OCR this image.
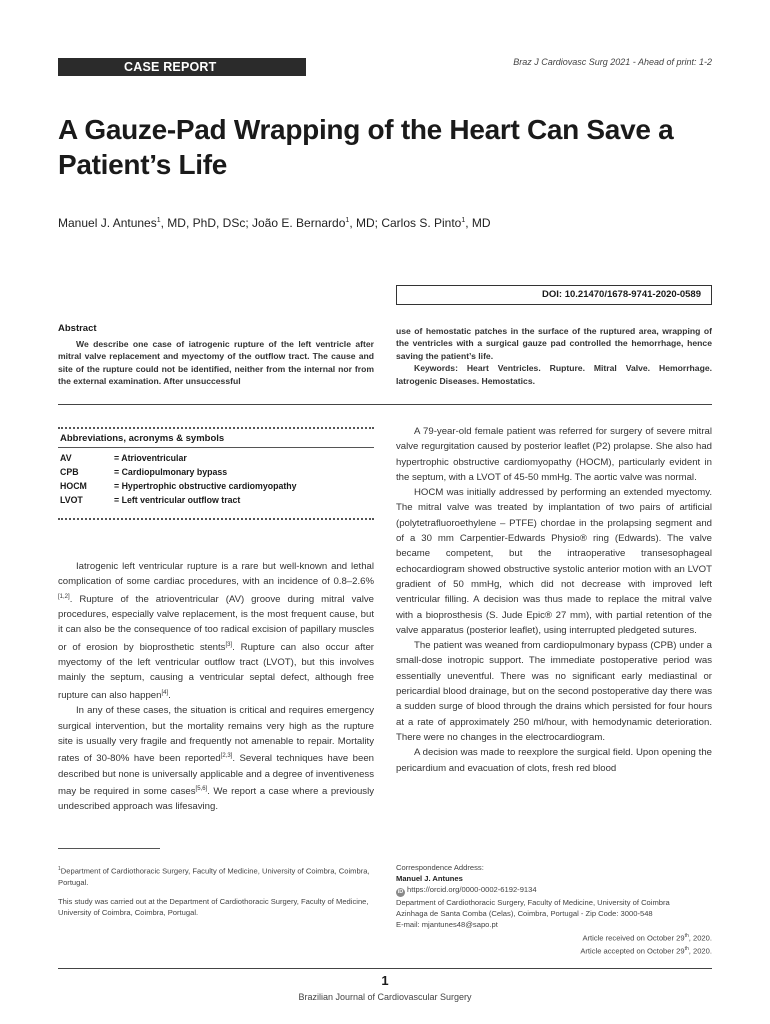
CASE REPORT	Braz J Cardiovasc Surg 2021 - Ahead of print: 1-2
A Gauze-Pad Wrapping of the Heart Can Save a Patient’s Life
Manuel J. Antunes$^1$, MD, PhD, DSc; João E. Bernardo$^1$, MD; Carlos S. Pinto$^1$, MD
DOI: 10.21470/1678-9741-2020-0589
Abstract
We describe one case of iatrogenic rupture of the left ventricle after mitral valve replacement and myectomy of the outflow tract. The cause and site of the rupture could not be identified, neither from the internal nor from the external examination. After unsuccessful
use of hemostatic patches in the surface of the ruptured area, wrapping of the ventricles with a surgical gauze pad controlled the hemorrhage, hence saving the patient’s life.
Keywords: Heart Ventricles. Rupture. Mitral Valve. Hemorrhage. Iatrogenic Diseases. Hemostatics.
Abbreviations, acronyms & symbols
AV	= Atrioventricular
CPB	= Cardiopulmonary bypass
HOCM	= Hypertrophic obstructive cardiomyopathy
LVOT	= Left ventricular outflow tract

Iatrogenic left ventricular rupture is a rare but well-known and lethal complication of some cardiac procedures, with an incidence of 0.8–2.6%[1,2]. Rupture of the atrioventricular (AV) groove during mitral valve procedures, especially valve replacement, is the most frequent cause, but it can also be the consequence of too radical excision of papillary muscles or of erosion by bioprosthetic stents[3]. Rupture can also occur after myectomy of the left ventricular outflow tract (LVOT), but this involves mainly the septum, causing a ventricular septal defect, although free rupture can also happen[4].

In any of these cases, the situation is critical and requires emergency surgical intervention, but the mortality remains very high as the rupture site is usually very fragile and frequently not amenable to repair. Mortality rates of 30-80% have been reported[2,3]. Several techniques have been described but none is universally applicable and a degree of inventiveness may be required in some cases[5,6]. We report a case where a previously undescribed approach was lifesaving.

A 79-year-old female patient was referred for surgery of severe mitral valve regurgitation caused by posterior leaflet (P2) prolapse. She also had hypertrophic obstructive cardiomyopathy (HOCM), particularly evident in the septum, with a LVOT of 45-50 mmHg. The aortic valve was normal.

HOCM was initially addressed by performing an extended myectomy. The mitral valve was treated by implantation of two pairs of artificial (polytetrafluoroethylene – PTFE) chordae in the prolapsing segment and of a 30 mm Carpentier-Edwards Physio® ring (Edwards). The valve became competent, but the intraoperative transesophageal echocardiogram showed obstructive systolic anterior motion with an LVOT gradient of 50 mmHg, which did not decrease with improved left ventricular filling. A decision was thus made to replace the mitral valve with a bioprosthesis (S. Jude Epic® 27 mm), with partial retention of the valve apparatus (posterior leaflet), using interrupted pledgeted sutures.

The patient was weaned from cardiopulmonary bypass (CPB) under a small-dose inotropic support. The immediate postoperative period was essentially uneventful. There was no significant early mediastinal or pericardial blood drainage, but on the second postoperative day there was a sudden surge of blood through the drains which persisted for four hours at a rate of approximately 250 ml/hour, with hemodynamic deterioration. There were no changes in the electrocardiogram.

A decision was made to reexplore the surgical field. Upon opening the pericardium and evacuation of clots, fresh red blood

$^1$Department of Cardiothoracic Surgery, Faculty of Medicine, University of Coimbra, Coimbra, Portugal.
This study was carried out at the Department of Cardiothoracic Surgery, Faculty of Medicine, University of Coimbra, Coimbra, Portugal.
Correspondence Address:
Manuel J. Antunes
iD https://orcid.org/0000-0002-6192-9134
Department of Cardiothoracic Surgery, Faculty of Medicine, University of Coimbra
Azinhaga de Santa Comba (Celas), Coimbra, Portugal - Zip Code: 3000-548
E-mail: mjantunes48@sapo.pt
Article received on October 29th, 2020.
Article accepted on October 29th, 2020.
1
Brazilian Journal of Cardiovascular Surgery
